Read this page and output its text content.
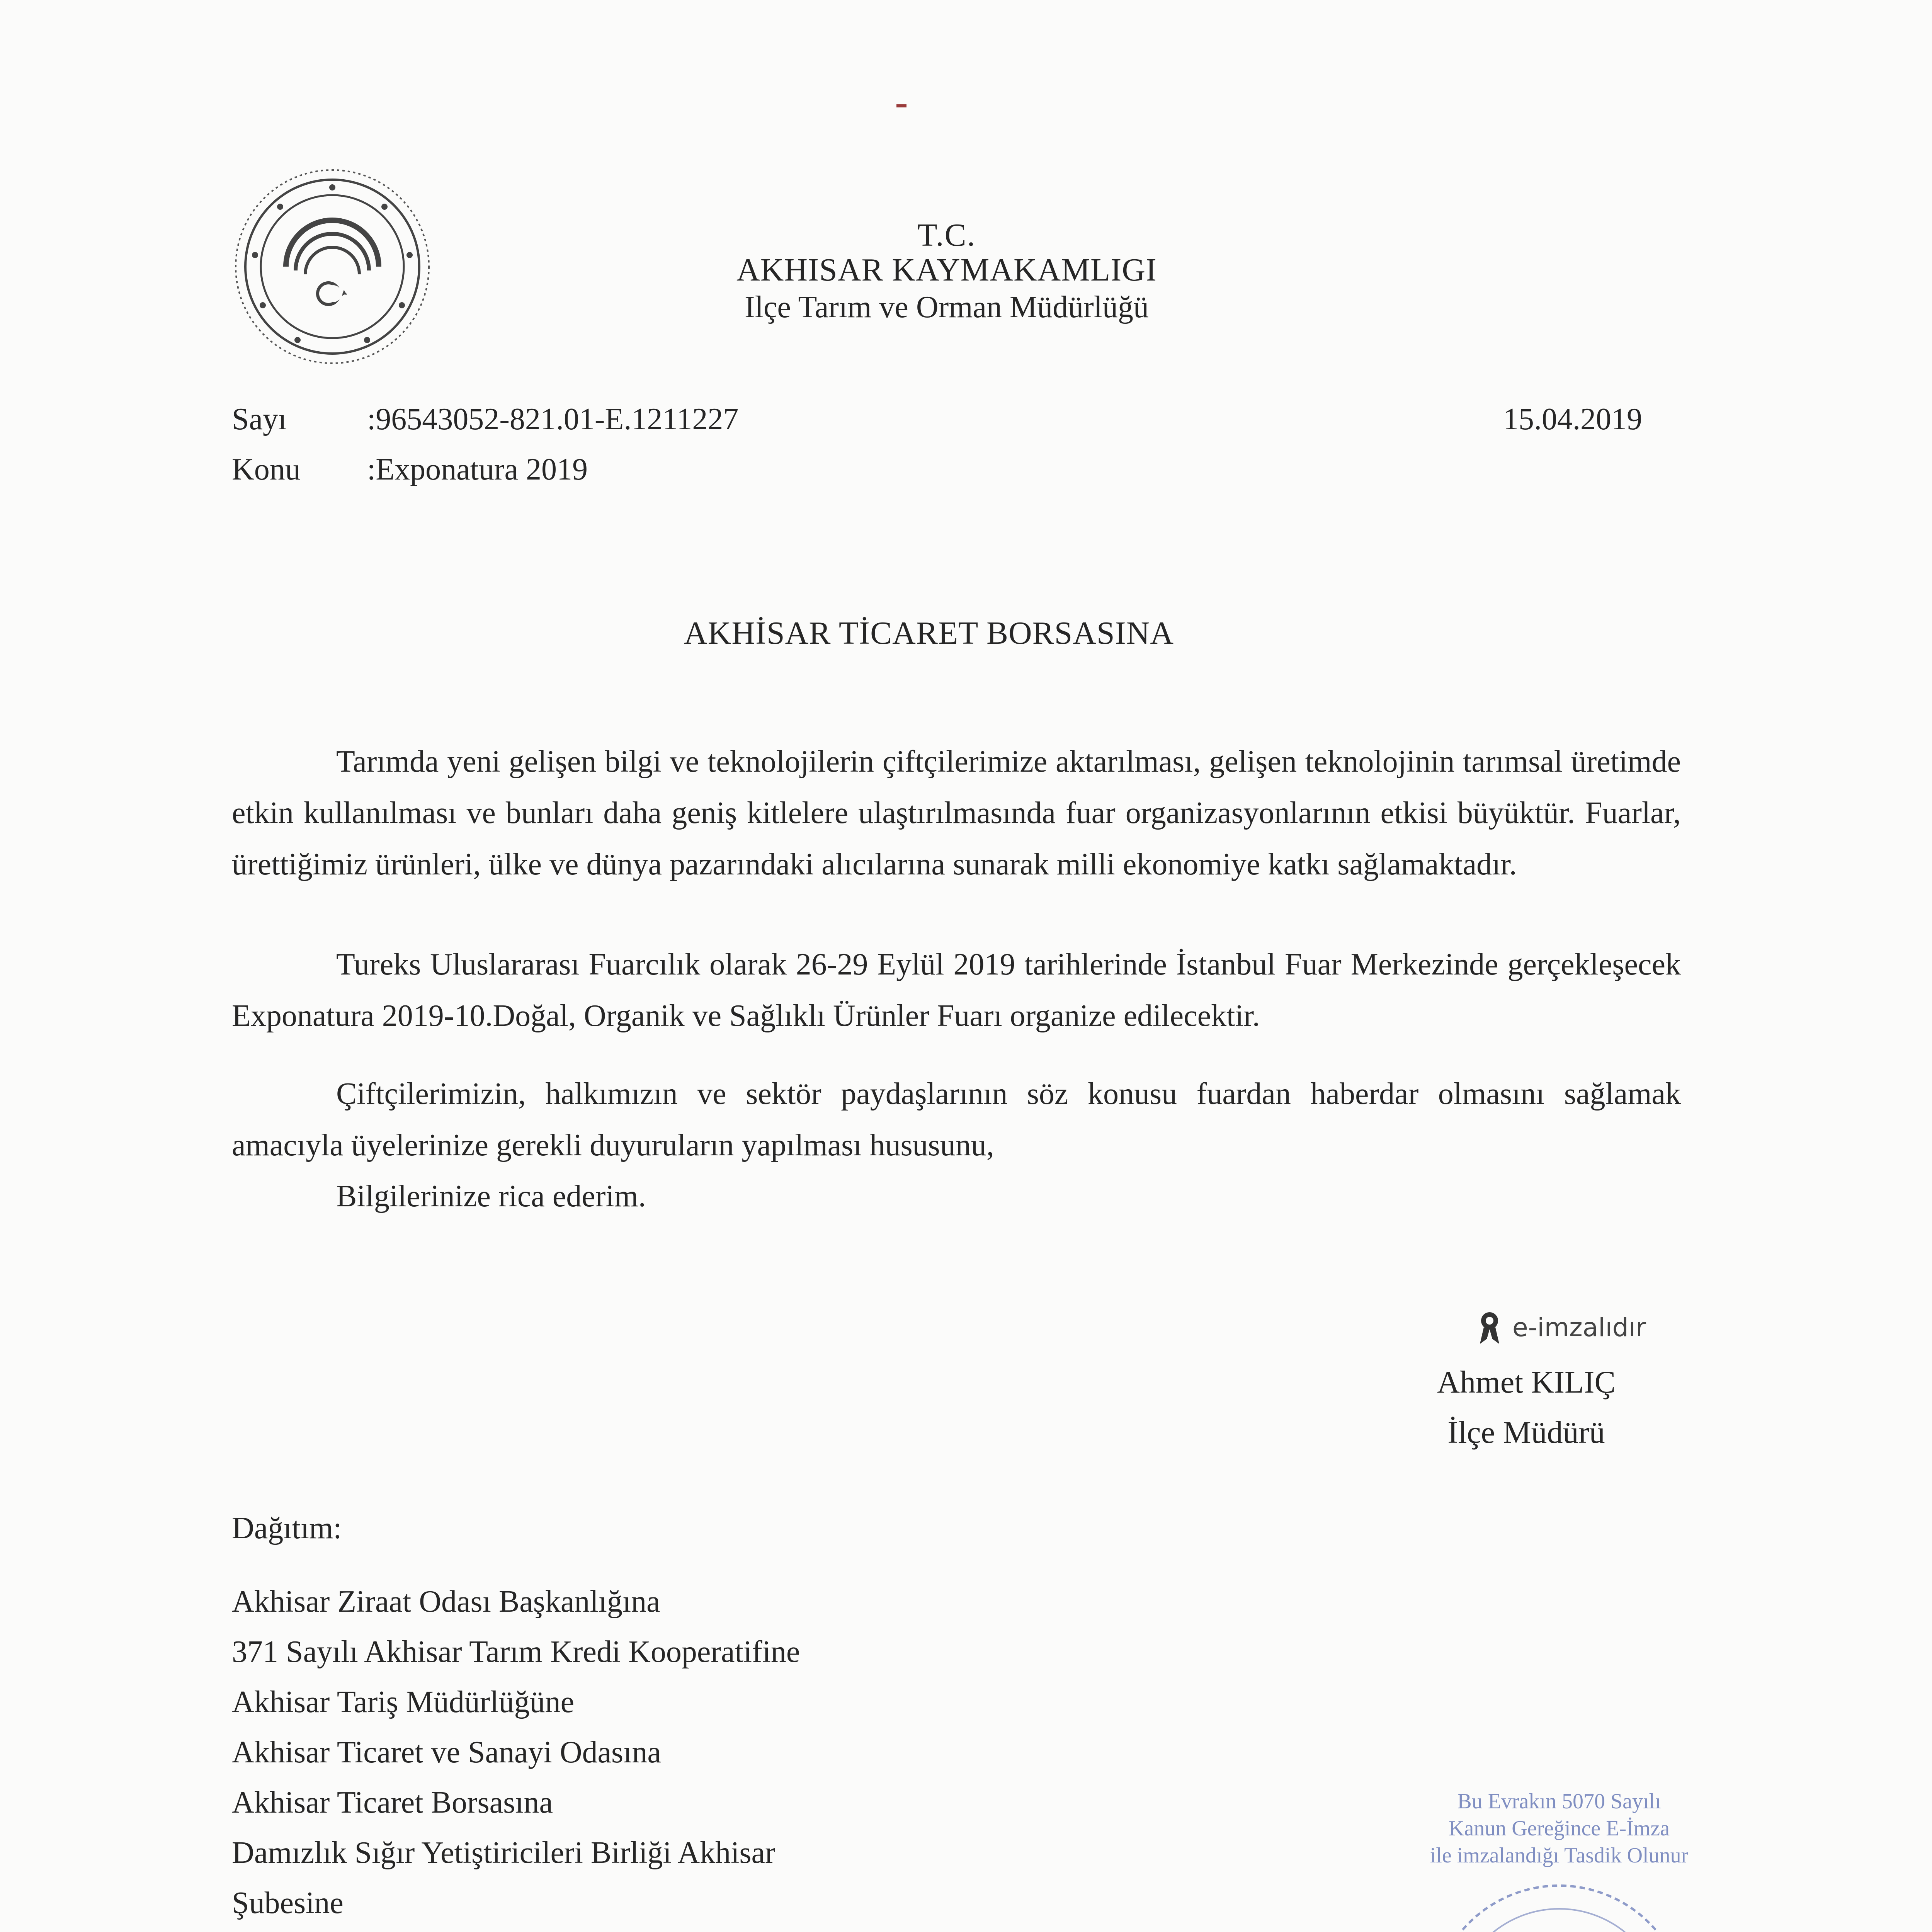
T.C.
AKHISAR KAYMAKAMLIGI
Ilçe Tarım ve Orman Müdürlüğü
Sayı	:96543052-821.01-E.1211227
Konu :Exponatura 2019
15.04.2019
AKHİSAR TİCARET BORSASINA
Tarımda yeni gelişen bilgi ve teknolojilerin çiftçilerimize aktarılması, gelişen teknolojinin tarımsal üretimde etkin kullanılması ve bunları daha geniş kitlelere ulaştırılmasında fuar organizasyonlarının etkisi büyüktür. Fuarlar, ürettiğimiz ürünleri, ülke ve dünya pazarındaki alıcılarına sunarak milli ekonomiye katkı sağlamaktadır.
Tureks Uluslararası Fuarcılık olarak 26-29 Eylül 2019 tarihlerinde İstanbul Fuar Merkezinde gerçekleşecek Exponatura 2019-10.Doğal, Organik ve Sağlıklı Ürünler Fuarı organize edilecektir.
Çiftçilerimizin, halkımızın ve sektör paydaşlarının söz konusu fuardan haberdar olmasını sağlamak amacıyla üyelerinize gerekli duyuruların yapılması hususunu,
Bilgilerinize rica ederim.
e-imzalıdır
Ahmet KILIÇ
İlçe Müdürü
Dağıtım:
Akhisar Ziraat Odası Başkanlığına
371 Sayılı Akhisar Tarım Kredi Kooperatifine
Akhisar Tariş Müdürlüğüne
Akhisar Ticaret ve Sanayi Odasına
Akhisar Ticaret Borsasına
Damızlık Sığır Yetiştiricileri Birliği Akhisar
Şubesine
Bu Evrakın 5070 Sayılı
Kanun Gereğince E-İmza
ile imzalandığı Tasdik Olunur
